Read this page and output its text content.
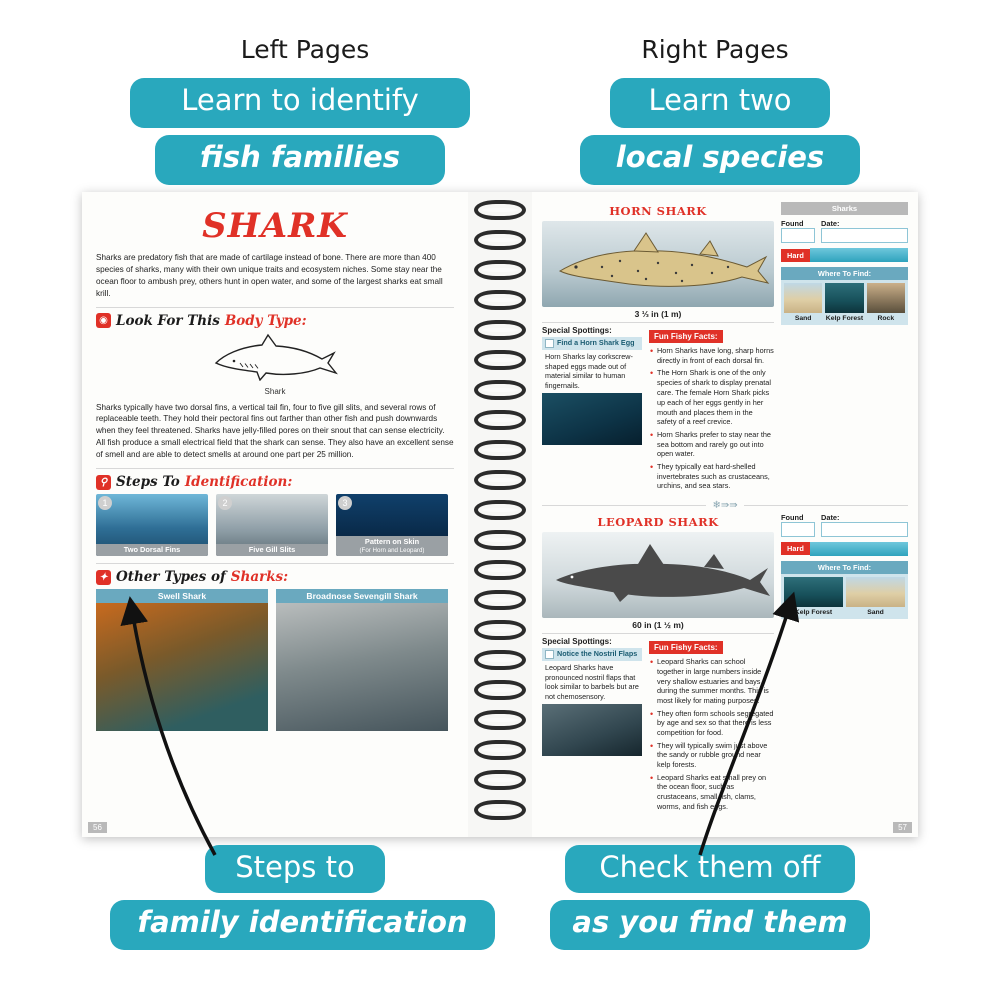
Left Pages	Right Pages
Learn to identify
fish families
Learn two
local species
SHARK
Sharks are predatory fish that are made of cartilage instead of bone. There are more than 400 species of sharks, many with their own unique traits and ecosystem niches. Some stay near the ocean floor to ambush prey, others hunt in open water, and some of the largest sharks eat small krill.
◉ Look For This Body Type:
Shark
Sharks typically have two dorsal fins, a vertical tail fin, four to five gill slits, and several rows of replaceable teeth. They hold their pectoral fins out farther than other fish and push downwards when they feel threatened. Sharks have jelly-filled pores on their snout that can sense electricity. All fish produce a small electrical field that the shark can sense. They also have an excellent sense of smell and are able to detect smells at around one part per 25 million.
⚲ Steps To Identification:
1
Two Dorsal Fins
2
Five Gill Slits
3
Pattern on Skin
(For Horn and Leopard)
✦ Other Types of Sharks:
Swell Shark	Broadnose Sevengill Shark
56
HORN SHARK
3 ⅓ in (1 m)
Special Spottings:
Find a Horn Shark Egg
Horn Sharks lay corkscrew-shaped eggs made out of material similar to human fingernails.
Fun Fishy Facts:
• Horn Sharks have long, sharp horns directly in front of each dorsal fin.
• The Horn Shark is one of the only species of shark to display prenatal care. The female Horn Shark picks up each of her eggs gently in her mouth and places them in the safety of a reef crevice.
• Horn Sharks prefer to stay near the sea bottom and rarely go out into open water.
• They typically eat hard-shelled invertebrates such as crustaceans, urchins, and sea stars.
Sharks
Found	Date:
Hard
Where To Find:
Sand	Kelp Forest	Rock
❄⇛⇛
LEOPARD SHARK
60 in (1 ½ m)
Special Spottings:
Notice the Nostril Flaps
Leopard Sharks have pronounced nostril flaps that look similar to barbels but are not chemosensory.
Fun Fishy Facts:
• Leopard Sharks can school together in large numbers inside very shallow estuaries and bays during the summer months. This is most likely for mating purposes.
• They often form schools segregated by age and sex so that there is less competition for food.
• They will typically swim just above the sandy or rubble ground near kelp forests.
• Leopard Sharks eat small prey on the ocean floor, such as crustaceans, small fish, clams, worms, and fish eggs.
Found	Date:
Hard
Where To Find:
Kelp Forest	Sand
57
Steps to
family identification
Check them off
as you find them
